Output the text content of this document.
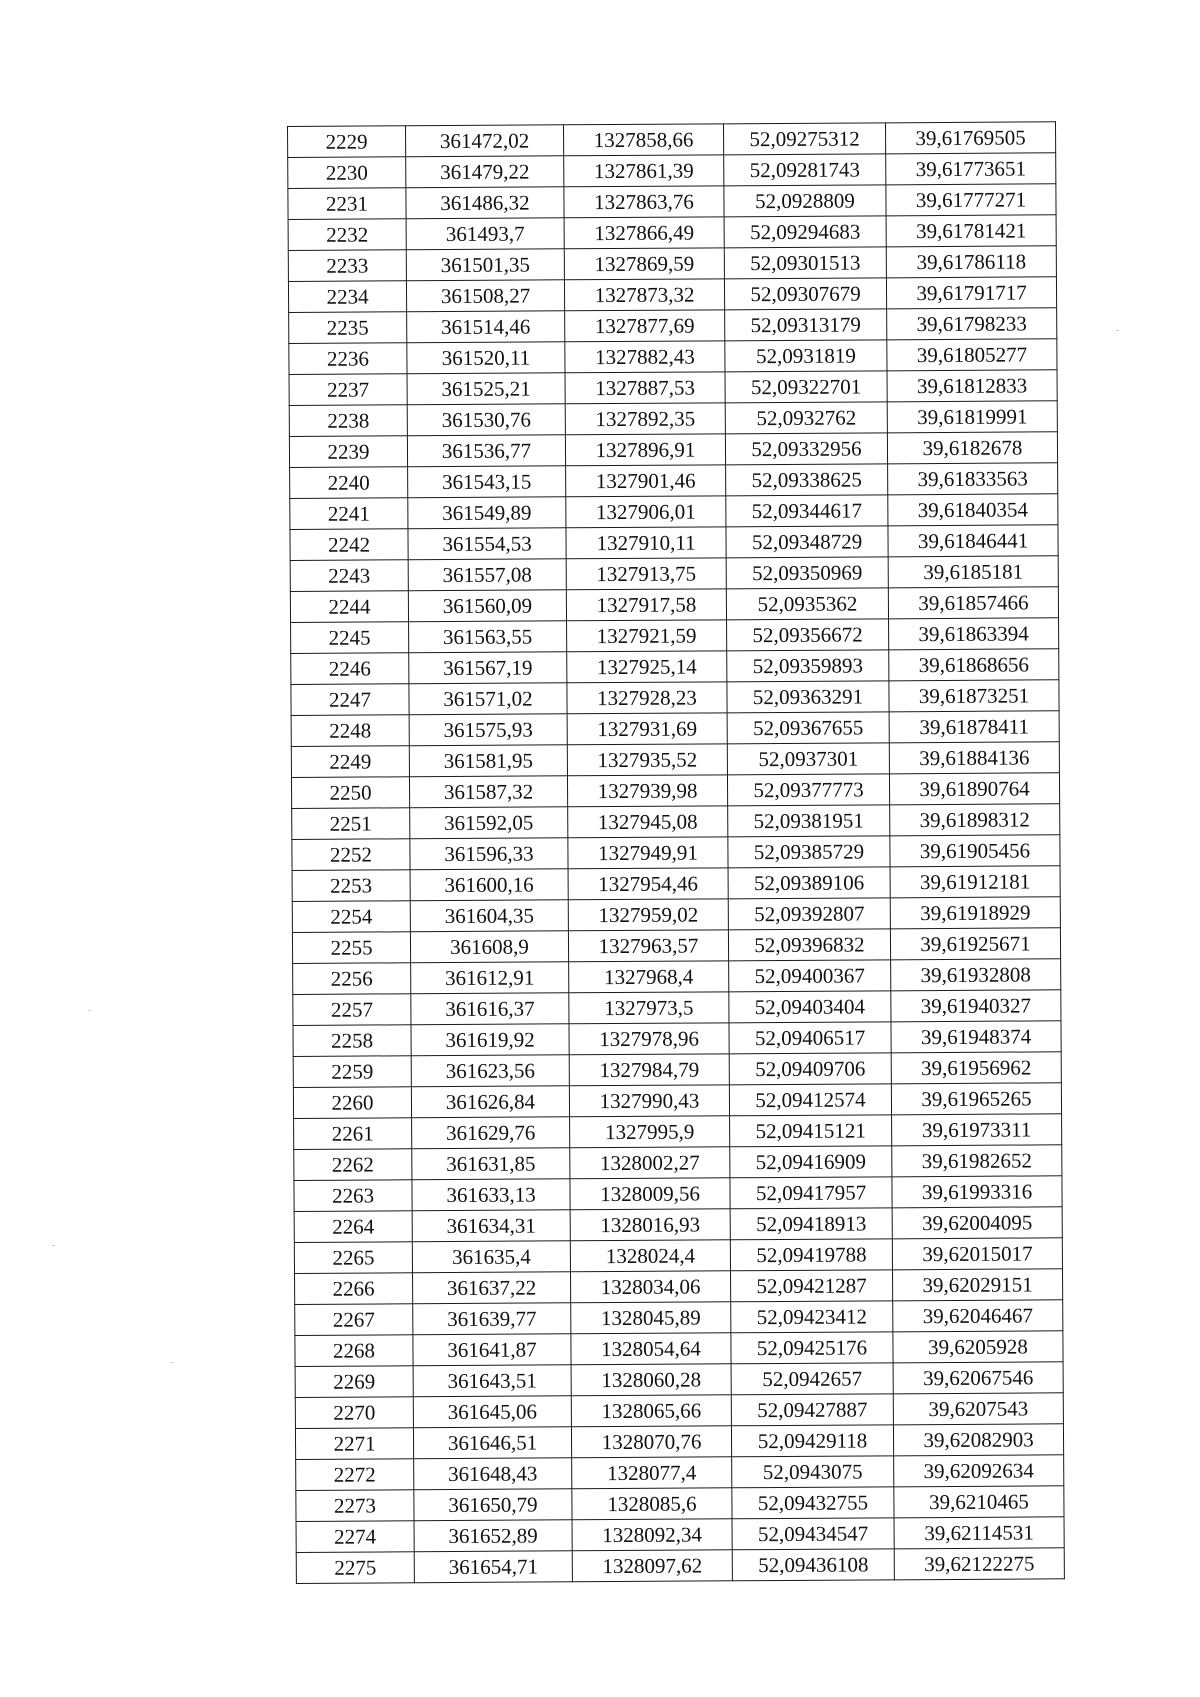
2229	361472,02	1327858,66	52,09275312	39,61769505
2230	361479,22	1327861,39	52,09281743	39,61773651
2231	361486,32	1327863,76	52,0928809	39,61777271
2232	361493,7	1327866,49	52,09294683	39,61781421
2233	361501,35	1327869,59	52,09301513	39,61786118
2234	361508,27	1327873,32	52,09307679	39,61791717
2235	361514,46	1327877,69	52,09313179	39,61798233
2236	361520,11	1327882,43	52,0931819	39,61805277
2237	361525,21	1327887,53	52,09322701	39,61812833
2238	361530,76	1327892,35	52,0932762	39,61819991
2239	361536,77	1327896,91	52,09332956	39,6182678
2240	361543,15	1327901,46	52,09338625	39,61833563
2241	361549,89	1327906,01	52,09344617	39,61840354
2242	361554,53	1327910,11	52,09348729	39,61846441
2243	361557,08	1327913,75	52,09350969	39,6185181
2244	361560,09	1327917,58	52,0935362	39,61857466
2245	361563,55	1327921,59	52,09356672	39,61863394
2246	361567,19	1327925,14	52,09359893	39,61868656
2247	361571,02	1327928,23	52,09363291	39,61873251
2248	361575,93	1327931,69	52,09367655	39,61878411
2249	361581,95	1327935,52	52,0937301	39,61884136
2250	361587,32	1327939,98	52,09377773	39,61890764
2251	361592,05	1327945,08	52,09381951	39,61898312
2252	361596,33	1327949,91	52,09385729	39,61905456
2253	361600,16	1327954,46	52,09389106	39,61912181
2254	361604,35	1327959,02	52,09392807	39,61918929
2255	361608,9	1327963,57	52,09396832	39,61925671
2256	361612,91	1327968,4	52,09400367	39,61932808
2257	361616,37	1327973,5	52,09403404	39,61940327
2258	361619,92	1327978,96	52,09406517	39,61948374
2259	361623,56	1327984,79	52,09409706	39,61956962
2260	361626,84	1327990,43	52,09412574	39,61965265
2261	361629,76	1327995,9	52,09415121	39,61973311
2262	361631,85	1328002,27	52,09416909	39,61982652
2263	361633,13	1328009,56	52,09417957	39,61993316
2264	361634,31	1328016,93	52,09418913	39,62004095
2265	361635,4	1328024,4	52,09419788	39,62015017
2266	361637,22	1328034,06	52,09421287	39,62029151
2267	361639,77	1328045,89	52,09423412	39,62046467
2268	361641,87	1328054,64	52,09425176	39,6205928
2269	361643,51	1328060,28	52,0942657	39,62067546
2270	361645,06	1328065,66	52,09427887	39,6207543
2271	361646,51	1328070,76	52,09429118	39,62082903
2272	361648,43	1328077,4	52,0943075	39,62092634
2273	361650,79	1328085,6	52,09432755	39,6210465
2274	361652,89	1328092,34	52,09434547	39,62114531
2275	361654,71	1328097,62	52,09436108	39,62122275
